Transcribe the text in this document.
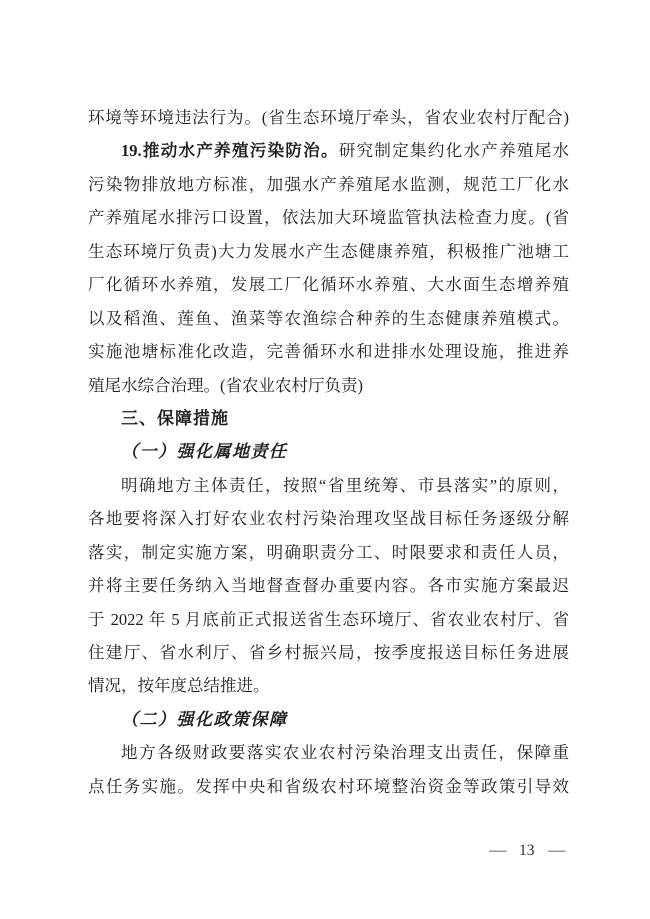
环境等环境违法行为。(省生态环境厅牵头，省农业农村厅配合)
19.推动水产养殖污染防治。研究制定集约化水产养殖尾水
污染物排放地方标准，加强水产养殖尾水监测，规范工厂化水
产养殖尾水排污口设置，依法加大环境监管执法检查力度。(省
生态环境厅负责)大力发展水产生态健康养殖，积极推广池塘工
厂化循环水养殖，发展工厂化循环水养殖、大水面生态增养殖
以及稻渔、莲鱼、渔菜等农渔综合种养的生态健康养殖模式。
实施池塘标准化改造，完善循环水和进排水处理设施，推进养
殖尾水综合治理。(省农业农村厅负责)
三、保障措施
（一）强化属地责任
明确地方主体责任，按照“省里统筹、市县落实”的原则，
各地要将深入打好农业农村污染治理攻坚战目标任务逐级分解
落实，制定实施方案，明确职责分工、时限要求和责任人员，
并将主要任务纳入当地督查督办重要内容。各市实施方案最迟
于 2022 年 5 月底前正式报送省生态环境厅、省农业农村厅、省
住建厅、省水利厅、省乡村振兴局，按季度报送目标任务进展
情况，按年度总结推进。
（二）强化政策保障
地方各级财政要落实农业农村污染治理支出责任，保障重
点任务实施。发挥中央和省级农村环境整治资金等政策引导效
— 13 —
